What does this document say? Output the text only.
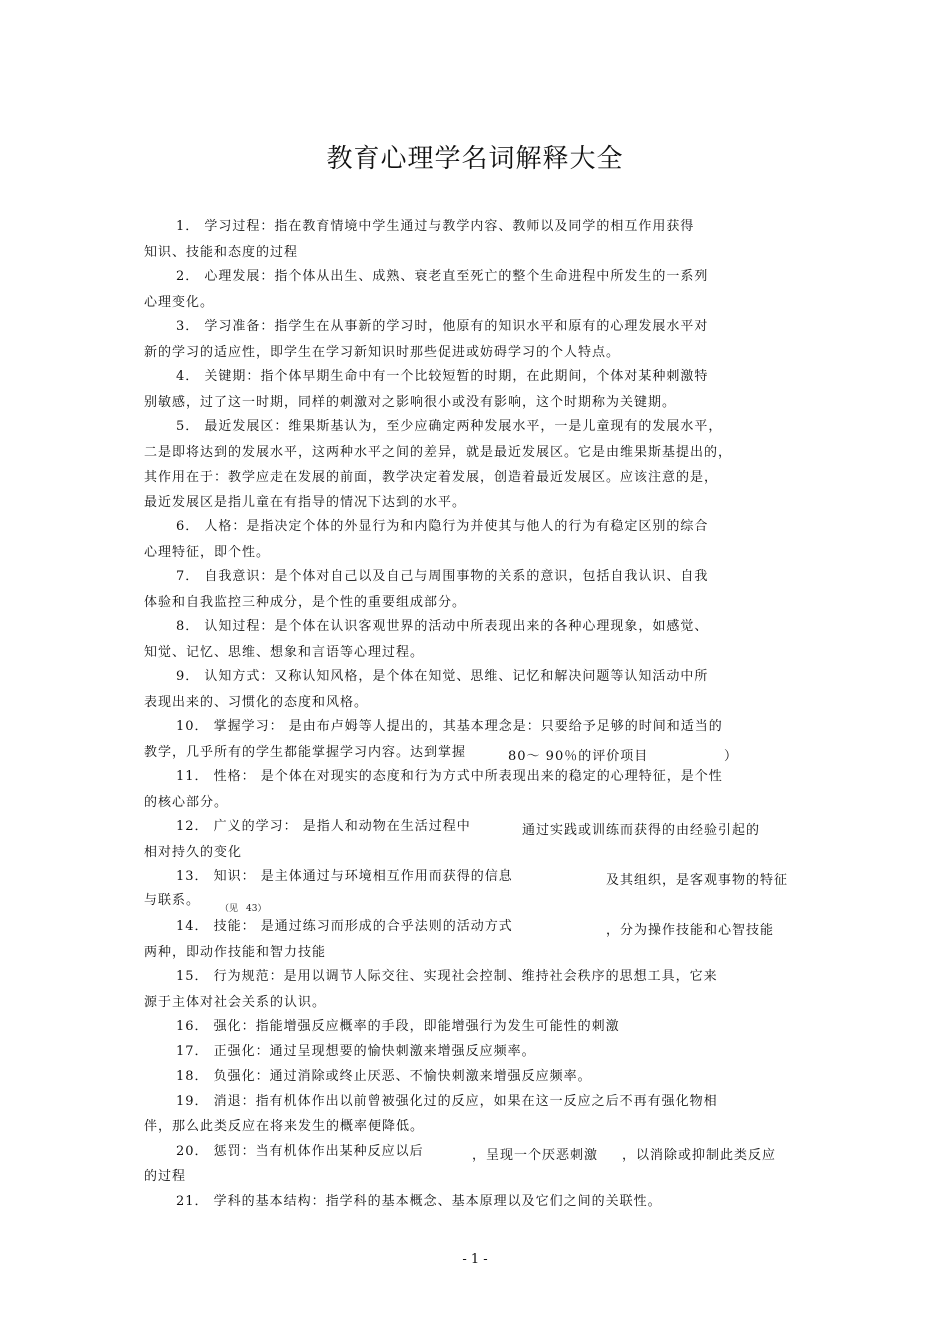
教育心理学名词解释大全
1． 学习过程：指在教育情境中学生通过与教学内容、教师以及同学的相互作用获得
知识、技能和态度的过程
2． 心理发展：指个体从出生、成熟、衰老直至死亡的整个生命进程中所发生的一系列
心理变化。
3． 学习准备：指学生在从事新的学习时，他原有的知识水平和原有的心理发展水平对
新的学习的适应性，即学生在学习新知识时那些促进或妨碍学习的个人特点。
4． 关键期：指个体早期生命中有一个比较短暂的时期，在此期间，个体对某种刺激特
别敏感，过了这一时期，同样的刺激对之影响很小或没有影响，这个时期称为关键期。
5． 最近发展区：维果斯基认为，至少应确定两种发展水平，一是儿童现有的发展水平，
二是即将达到的发展水平，这两种水平之间的差异，就是最近发展区。它是由维果斯基提出的，
其作用在于：教学应走在发展的前面，教学决定着发展，创造着最近发展区。应该注意的是，
最近发展区是指儿童在有指导的情况下达到的水平。
6． 人格：是指决定个体的外显行为和内隐行为并使其与他人的行为有稳定区别的综合
心理特征，即个性。
7． 自我意识：是个体对自己以及自己与周围事物的关系的意识，包括自我认识、自我
体验和自我监控三种成分，是个性的重要组成部分。
8． 认知过程：是个体在认识客观世界的活动中所表现出来的各种心理现象，如感觉、
知觉、记忆、思维、想象和言语等心理过程。
9． 认知方式：又称认知风格，是个体在知觉、思维、记忆和解决问题等认知活动中所
表现出来的、习惯化的态度和风格。
10． 掌握学习： 是由布卢姆等人提出的，其基本理念是：只要给予足够的时间和适当的
教学，几乎所有的学生都能掌握学习内容。达到掌握	80～ 90％的评价项目	）
11． 性格： 是个体在对现实的态度和行为方式中所表现出来的稳定的心理特征，是个性
的核心部分。
12． 广义的学习： 是指人和动物在生活过程中	通过实践或训练而获得的由经验引起的
相对持久的变化
13． 知识： 是主体通过与环境相互作用而获得的信息	及其组织，是客观事物的特征
与联系。
（见 43）
14． 技能： 是通过练习而形成的合乎法则的活动方式	，分为操作技能和心智技能
两种，即动作技能和智力技能
15． 行为规范：是用以调节人际交往、实现社会控制、维持社会秩序的思想工具，它来
源于主体对社会关系的认识。
16． 强化：指能增强反应概率的手段，即能增强行为发生可能性的刺激
17． 正强化：通过呈现想要的愉快刺激来增强反应频率。
18． 负强化：通过消除或终止厌恶、不愉快刺激来增强反应频率。
19． 消退：指有机体作出以前曾被强化过的反应，如果在这一反应之后不再有强化物相
伴，那么此类反应在将来发生的概率便降低。
20． 惩罚：当有机体作出某种反应以后	，呈现一个厌恶刺激 ，以消除或抑制此类反应
的过程
21． 学科的基本结构：指学科的基本概念、基本原理以及它们之间的关联性。
- 1 -
